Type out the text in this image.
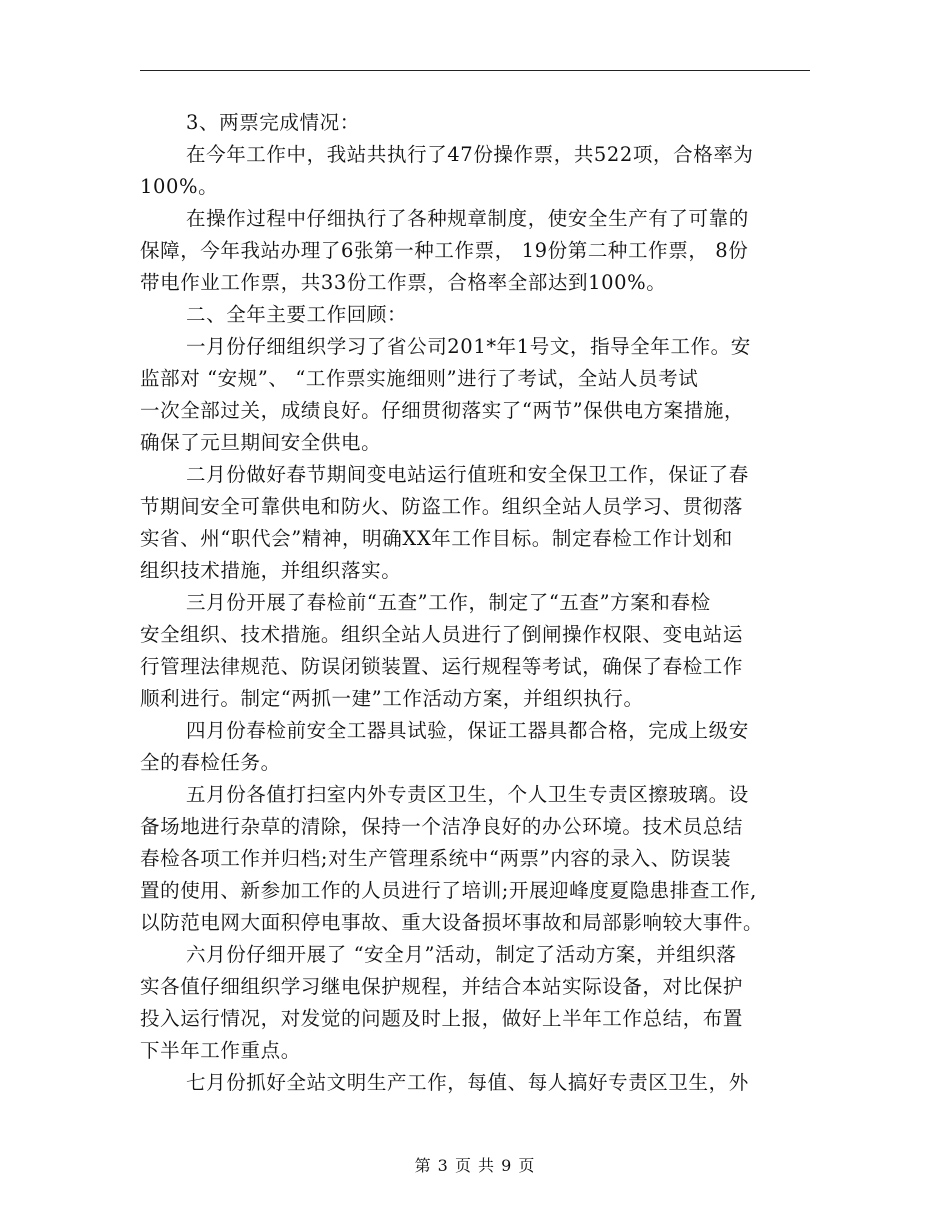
3、两票完成情况：
在今年工作中，我站共执行了47份操作票，共522项，合格率为
100%。
在操作过程中仔细执行了各种规章制度，使安全生产有了可靠的
保障，今年我站办理了6张第一种工作票， 19份第二种工作票， 8份
带电作业工作票，共33份工作票，合格率全部达到100%。
二、全年主要工作回顾：
一月份仔细组织学习了省公司201*年1号文，指导全年工作。安
监部对 “安规”、 “工作票实施细则”进行了考试，全站人员考试
一次全部过关，成绩良好。仔细贯彻落实了“两节”保供电方案措施，
确保了元旦期间安全供电。
二月份做好春节期间变电站运行值班和安全保卫工作，保证了春
节期间安全可靠供电和防火、防盗工作。组织全站人员学习、贯彻落
实省、州“职代会”精神，明确XX年工作目标。制定春检工作计划和
组织技术措施，并组织落实。
三月份开展了春检前“五查”工作，制定了“五查”方案和春检
安全组织、技术措施。组织全站人员进行了倒闸操作权限、变电站运
行管理法律规范、防误闭锁装置、运行规程等考试，确保了春检工作
顺利进行。制定“两抓一建”工作活动方案，并组织执行。
四月份春检前安全工器具试验，保证工器具都合格，完成上级安
全的春检任务。
五月份各值打扫室内外专责区卫生，个人卫生专责区擦玻璃。设
备场地进行杂草的清除，保持一个洁净良好的办公环境。技术员总结
春检各项工作并归档;对生产管理系统中“两票”内容的录入、防误装
置的使用、新参加工作的人员进行了培训;开展迎峰度夏隐患排查工作,
以防范电网大面积停电事故、重大设备损坏事故和局部影响较大事件。
六月份仔细开展了 “安全月”活动，制定了活动方案，并组织落
实各值仔细组织学习继电保护规程，并结合本站实际设备，对比保护
投入运行情况，对发觉的问题及时上报，做好上半年工作总结，布置
下半年工作重点。
七月份抓好全站文明生产工作，每值、每人搞好专责区卫生，外
第 3 页 共 9 页
